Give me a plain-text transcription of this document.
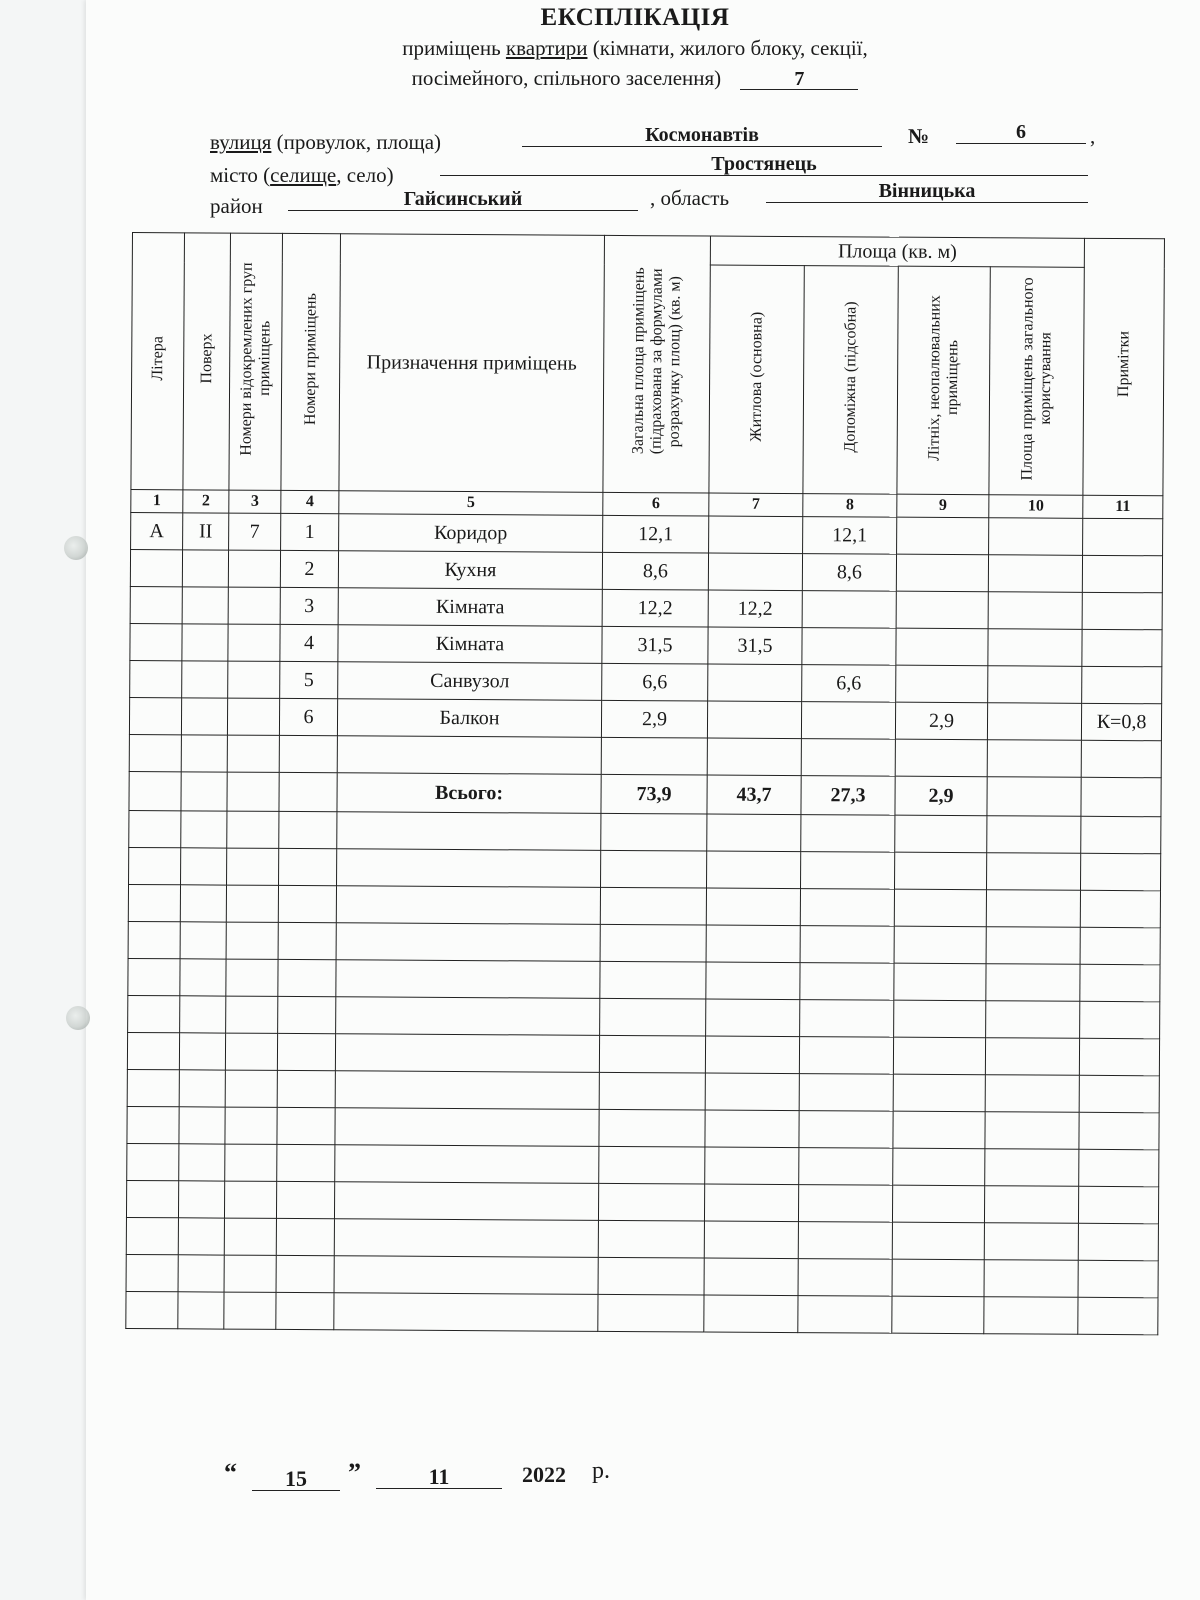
ЕКСПЛІКАЦІЯ
приміщень квартири (кімнати, жилого блоку, секції,
посімейного, спільного заселення)	7
вулиця (провулок, площа)	Космонавтів	№	6	,
місто (селище, село)	Тростянець
район	Гайсинський	, область	Вінницька
Літера	Поверх	Номери відокремлених груп приміщень	Номери приміщень	Призначення приміщень	Загальна площа приміщень (підрахована за формулами розрахунку площ) (кв. м)	Площа (кв. м)				Примітки
						Житлова (основна)	Допоміжна (підсобна)	Літніх, неопалювальних приміщень	Площа приміщень загального користування	
1	2	3	4	5	6	7	8	9	10	11
А	II	7	1	Коридор	12,1		12,1			
			2	Кухня	8,6		8,6			
			3	Кімната	12,2	12,2				
			4	Кімната	31,5	31,5				
			5	Санвузол	6,6		6,6			
			6	Балкон	2,9			2,9		К=0,8

				Всього:	73,9	43,7	27,3	2,9		

“	15	”	11	2022 р.
